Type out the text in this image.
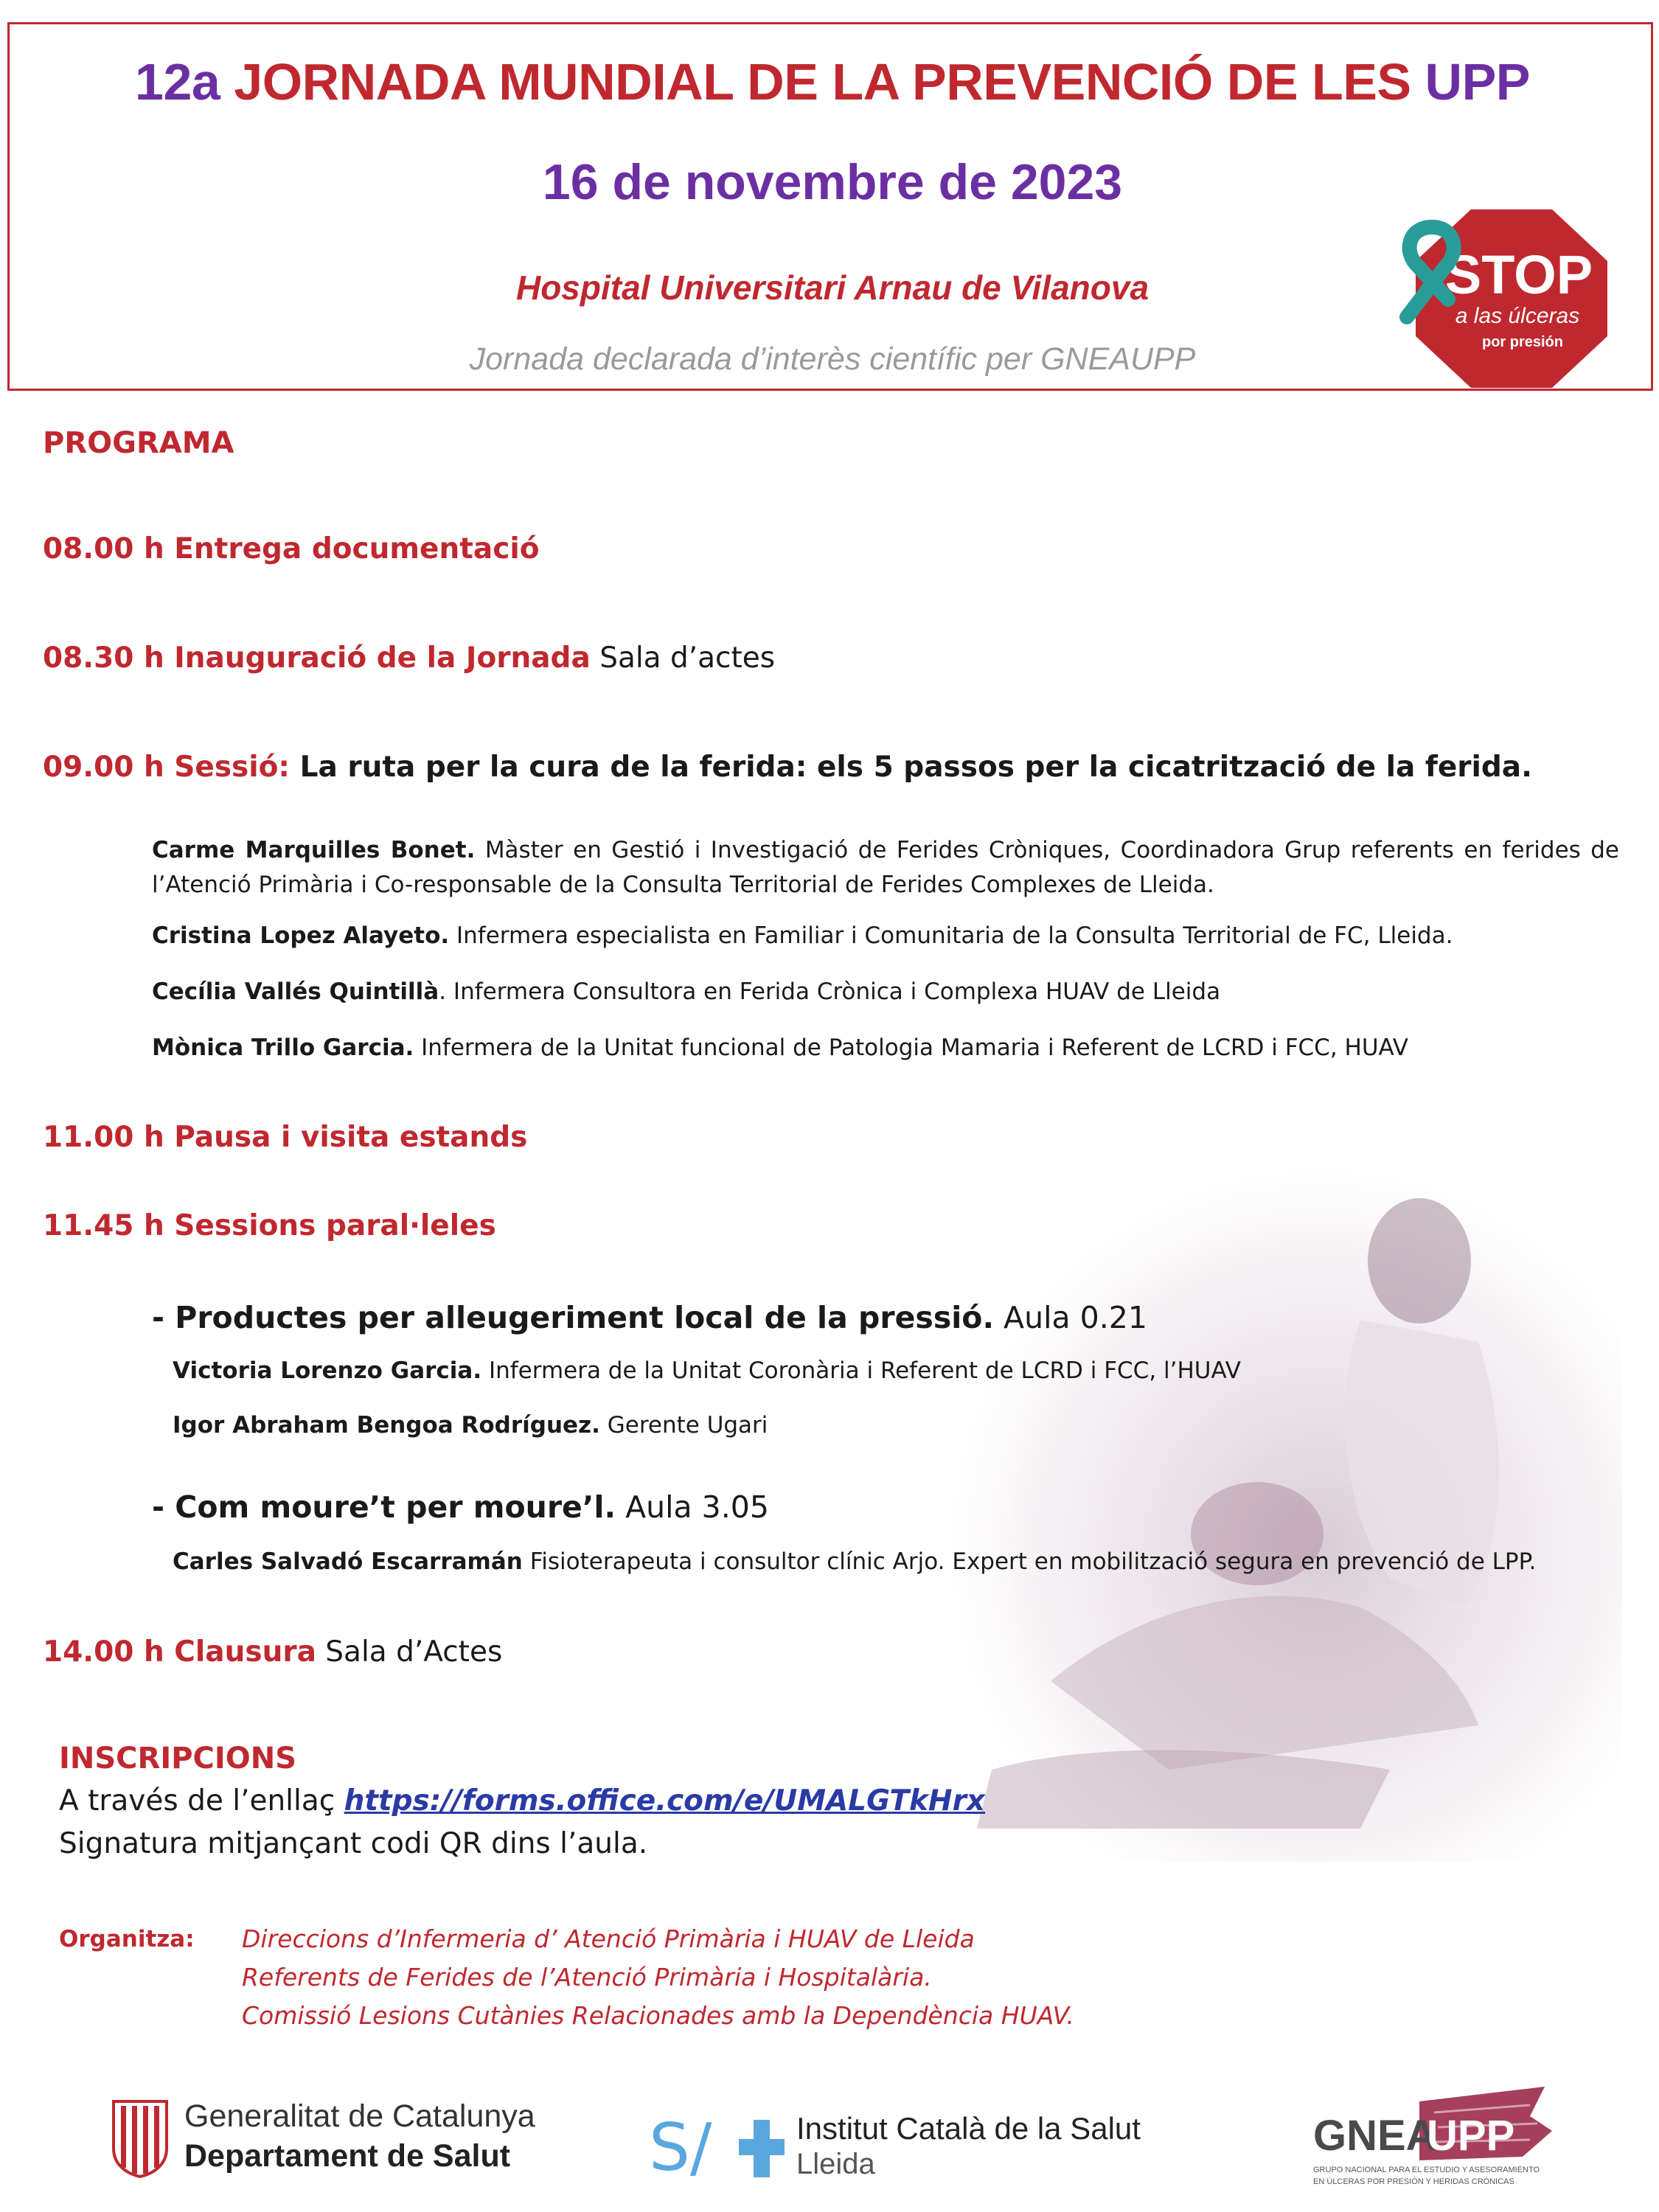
12a JORNADA MUNDIAL DE LA PREVENCIÓ DE LES UPP
16 de novembre de 2023
Hospital Universitari Arnau de Vilanova
Jornada declarada d’interès científic per GNEAUPP
STOP
a las úlceras
por presión
PROGRAMA
08.00 h Entrega documentació
08.30 h Inauguració de la Jornada Sala d’actes
09.00 h Sessió: La ruta per la cura de la ferida: els 5 passos per la cicatrització de la ferida.
Carme Marquilles Bonet. Màster en Gestió i Investigació de Ferides Cròniques, Coordinadora Grup referents en ferides de l’Atenció Primària i Co-responsable de la Consulta Territorial de Ferides Complexes de Lleida.
Cristina Lopez Alayeto. Infermera especialista en Familiar i Comunitaria de la Consulta Territorial de FC, Lleida.
Cecília Vallés Quintillà. Infermera Consultora en Ferida Crònica i Complexa HUAV de Lleida
Mònica Trillo Garcia. Infermera de la Unitat funcional de Patologia Mamaria i Referent de LCRD i FCC, HUAV
11.00 h Pausa i visita estands
11.45 h Sessions paral·leles
- Productes per alleugeriment local de la pressió. Aula 0.21
Victoria Lorenzo Garcia. Infermera de la Unitat Coronària i Referent de LCRD i FCC, l’HUAV
Igor Abraham Bengoa Rodríguez. Gerente Ugari
- Com moure’t per moure’l. Aula 3.05
Carles Salvadó Escarramán Fisioterapeuta i consultor clínic Arjo. Expert en mobilització segura en prevenció de LPP.
14.00 h Clausura Sala d’Actes
INSCRIPCIONS
A través de l’enllaç https://forms.office.com/e/UMALGTkHrx
Signatura mitjançant codi QR dins l’aula.
Organitza: Direccions d’Infermeria d’ Atenció Primària i HUAV de Lleida
Referents de Ferides de l’Atenció Primària i Hospitalària.
Comissió Lesions Cutànies Relacionades amb la Dependència HUAV.
Generalitat de Catalunya
Departament de Salut S/	Institut Català de la Salut
Lleida
GNEA
UPP
GRUPO NACIONAL PARA EL ESTUDIO Y ASESORAMIENTO
EN ÚLCERAS POR PRESIÓN Y HERIDAS CRÓNICAS
